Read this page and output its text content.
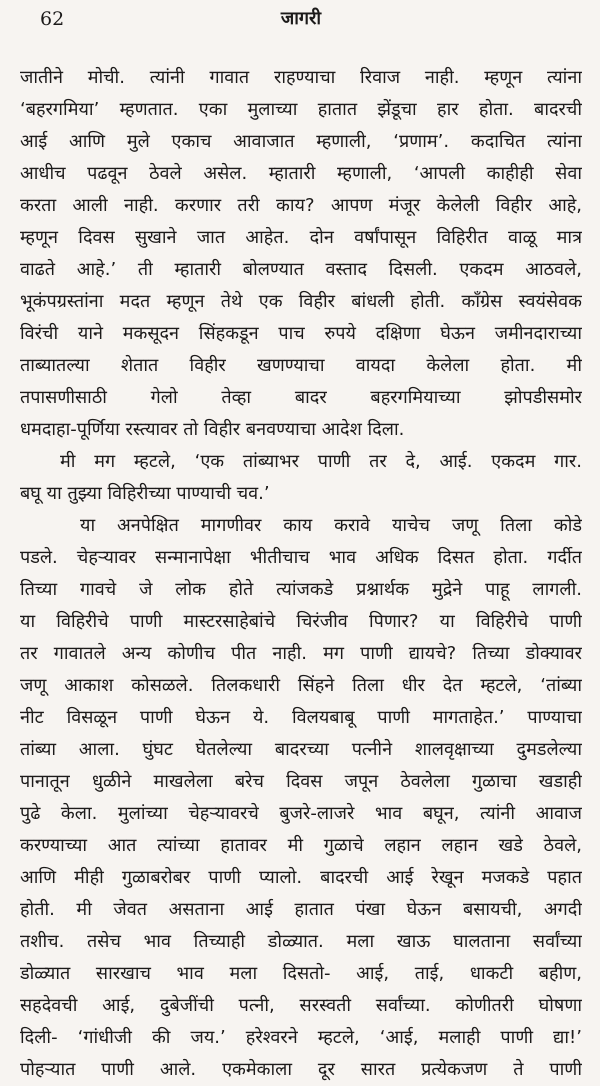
62	जागरी
जातीने मोची. त्यांनी गावात राहण्याचा रिवाज नाही. म्हणून त्यांना
‘बहरगमिया’ म्हणतात. एका मुलाच्या हातात झेंडूचा हार होता. बादरची
आई आणि मुले एकाच आवाजात म्हणाली, ‘प्रणाम’. कदाचित त्यांना
आधीच पढवून ठेवले असेल. म्हातारी म्हणाली, ‘आपली काहीही सेवा
करता आली नाही. करणार तरी काय? आपण मंजूर केलेली विहीर आहे,
म्हणून दिवस सुखाने जात आहेत. दोन वर्षांपासून विहिरीत वाळू मात्र
वाढते आहे.’ ती म्हातारी बोलण्यात वस्ताद दिसली. एकदम आठवले,
भूकंपग्रस्तांना मदत म्हणून तेथे एक विहीर बांधली होती. कॉंग्रेस स्वयंसेवक
विरंची याने मकसूदन सिंहकडून पाच रुपये दक्षिणा घेऊन जमीनदाराच्या
ताब्यातल्या शेतात विहीर खणण्याचा वायदा केलेला होता. मी
तपासणीसाठी गेलो तेव्हा बादर बहरगमियाच्या झोपडीसमोर
धमदाहा-पूर्णिया रस्त्यावर तो विहीर बनवण्याचा आदेश दिला.
मी मग म्हटले, ‘एक तांब्याभर पाणी तर दे, आई. एकदम गार.
बघू या तुझ्या विहिरीच्या पाण्याची चव.’
या अनपेक्षित मागणीवर काय करावे याचेच जणू तिला कोडे
पडले. चेहऱ्यावर सन्मानापेक्षा भीतीचाच भाव अधिक दिसत होता. गर्दीत
तिच्या गावचे जे लोक होते त्यांजकडे प्रश्नार्थक मुद्रेने पाहू लागली.
या विहिरीचे पाणी मास्टरसाहेबांचे चिरंजीव पिणार? या विहिरीचे पाणी
तर गावातले अन्य कोणीच पीत नाही. मग पाणी द्यायचे? तिच्या डोक्यावर
जणू आकाश कोसळले. तिलकधारी सिंहने तिला धीर देत म्हटले, ‘तांब्या
नीट विसळून पाणी घेऊन ये. विलयबाबू पाणी मागताहेत.’ पाण्याचा
तांब्या आला. घुंघट घेतलेल्या बादरच्या पत्नीने शालवृक्षाच्या दुमडलेल्या
पानातून धुळीने माखलेला बरेच दिवस जपून ठेवलेला गुळाचा खडाही
पुढे केला. मुलांच्या चेहऱ्यावरचे बुजरे-लाजरे भाव बघून, त्यांनी आवाज
करण्याच्या आत त्यांच्या हातावर मी गुळाचे लहान लहान खडे ठेवले,
आणि मीही गुळाबरोबर पाणी प्यालो. बादरची आई रेखून मजकडे पहात
होती. मी जेवत असताना आई हातात पंखा घेऊन बसायची, अगदी
तशीच. तसेच भाव तिच्याही डोळ्यात. मला खाऊ घालताना सर्वांच्या
डोळ्यात सारखाच भाव मला दिसतो- आई, ताई, धाकटी बहीण,
सहदेवची आई, दुबेजींची पत्नी, सरस्वती सर्वांच्या. कोणीतरी घोषणा
दिली- ‘गांधीजी की जय.’ हरेश्वरने म्हटले, ‘आई, मलाही पाणी द्या!’
पोहऱ्यात पाणी आले. एकमेकाला दूर सारत प्रत्येकजण ते पाणी
